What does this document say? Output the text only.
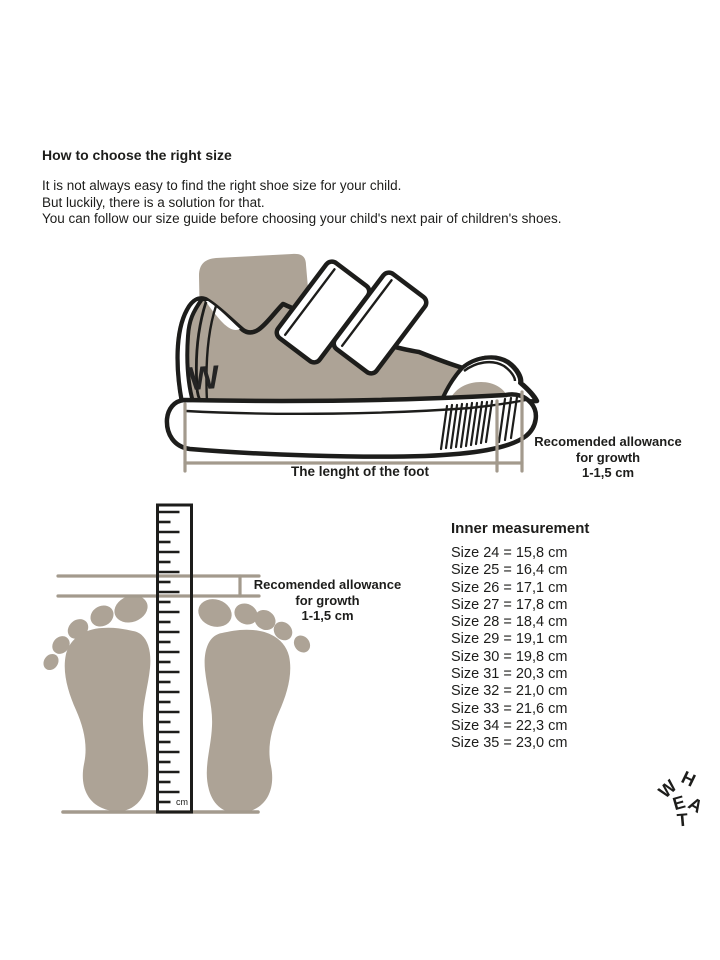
How to choose the right size
It is not always easy to find the right shoe size for your child.
But luckily, there is a solution for that.
You can follow our size guide before choosing your child's next pair of children's shoes.
W
The lenght of the foot
Recomended allowance
for growth
1-1,5 cm
cm
Recomended allowance
for growth
1-1,5 cm
Inner measurement
Size 24 = 15,8 cm
Size 25 = 16,4 cm
Size 26 = 17,1 cm
Size 27 = 17,8 cm
Size 28 = 18,4 cm
Size 29 = 19,1 cm
Size 30 = 19,8 cm
Size 31 = 20,3 cm
Size 32 = 21,0 cm
Size 33 = 21,6 cm
Size 34 = 22,3 cm
Size 35 = 23,0 cm
W
H
E
A
T
